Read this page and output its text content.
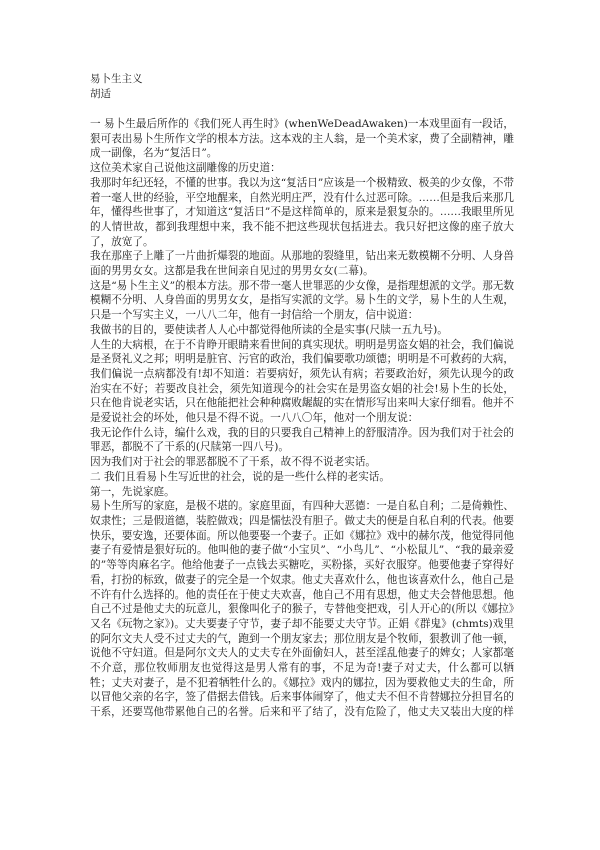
易卜生主义
胡适

一 易卜生最后所作的《我们死人再生时》(whenWeDeadAwaken)一本戏里面有一段话，狠可表出易卜生所作文学的根本方法。这本戏的主人翁，是一个美术家，费了全副精神，雕成一副像，名为“复活日”。

这位美术家自己说他这副雕像的历史道：

我那时年纪还轻，不懂的世事。我以为这“复活日”应该是一个极精致、极美的少女像，不带着一毫人世的经验，平空地醒来，自然光明庄严，没有什么过恶可除。……但是我后来那几年，懂得些世事了，才知道这“复活日”不是这样简单的，原来是狠复杂的。……我眼里所见的人情世故，都到我理想中来，我不能不把这些现状包括进去。我只好把这像的座子放大了，放宽了。

我在那座子上雕了一片曲折爆裂的地面。从那地的裂缝里，钻出来无数模糊不分明、人身兽面的男男女女。这都是我在世间亲自见过的男男女女(二幕)。

这是“易卜生主义”的根本方法。那不带一毫人世罪恶的少女像，是指理想派的文学。那无数模糊不分明、人身兽面的男男女女，是指写实派的文学。易卜生的文学，易卜生的人生观，只是一个写实主义，一八八二年，他有一封信给一个朋友，信中说道：

我做书的目的，要使读者人人心中都觉得他所读的全是实事(尺牍一五九号)。

人生的大病根，在于不肯睁开眼睛来看世间的真实现状。明明是男盗女娼的社会，我们偏说是圣贤礼义之邦；明明是脏官、污官的政治，我们偏要歌功颂德；明明是不可救药的大病，我们偏说一点病都没有!却不知道：若要病好，须先认有病；若要政治好，须先认现今的政治实在不好；若要改良社会，须先知道现今的社会实在是男盗女娼的社会!易卜生的长处，只在他肯说老实话，只在他能把社会种种腐败龌龊的实在情形写出来叫大家仔细看。他并不是爱说社会的坏处，他只是不得不说。一八八〇年，他对一个朋友说：

我无论作什么诗，编什么戏，我的目的只要我自己精神上的舒服清净。因为我们对于社会的罪恶，都脱不了干系的(尺牍第一四八号)。

因为我们对于社会的罪恶都脱不了干系，故不得不说老实话。

二 我们且看易卜生写近世的社会，说的是一些什么样的老实话。

第一，先说家庭。

易卜生所写的家庭，是极不堪的。家庭里面，有四种大恶德：一是自私自利；二是倚赖性、奴隶性；三是假道德，装腔做戏；四是懦怯没有胆子。做丈夫的便是自私自利的代表。他要快乐，要安逸，还要体面。所以他要娶一个妻子。正如《娜拉》戏中的赫尔茂，他觉得同他妻子有爱情是狠好玩的。他叫他的妻子做“小宝贝”、“小鸟儿”、“小松鼠儿”、“我的最亲爱的”等等肉麻名字。他给他妻子一点钱去买糖吃，买粉搽，买好衣服穿。他要他妻子穿得好看，打扮的标致，做妻子的完全是一个奴隶。他丈夫喜欢什么，他也该喜欢什么，他自己是不许有什么选择的。他的责任在于使丈夫欢喜，他自己不用有思想，他丈夫会替他思想。他自己不过是他丈夫的玩意儿，狠像叫化子的猴子，专替他变把戏，引人开心的(所以《娜拉》又名《玩物之家》)。丈夫要妻子守节，妻子却不能要丈夫守节。正娟《群鬼》(chmts)戏里的阿尔文夫人受不过丈夫的气，跑到一个朋友家去；那位朋友是个牧师，狠教训了他一顿，说他不守妇道。但是阿尔文夫人的丈夫专在外面偷妇人，甚至淫乱他妻子的婢女；人家都毫不介意，那位牧师朋友也觉得这是男人常有的事，不足为奇!妻子对丈夫，什么都可以牺牲；丈夫对妻子，是不犯着牺牲什么的。《娜拉》戏内的娜拉，因为要救他丈夫的生命，所以冒他父亲的名字，签了借据去借钱。后来事体闹穿了，他丈夫不但不肯替娜拉分担冒名的干系，还要骂他带累他自己的名誉。后来和平了结了，没有危险了，他丈夫又装出大度的样
